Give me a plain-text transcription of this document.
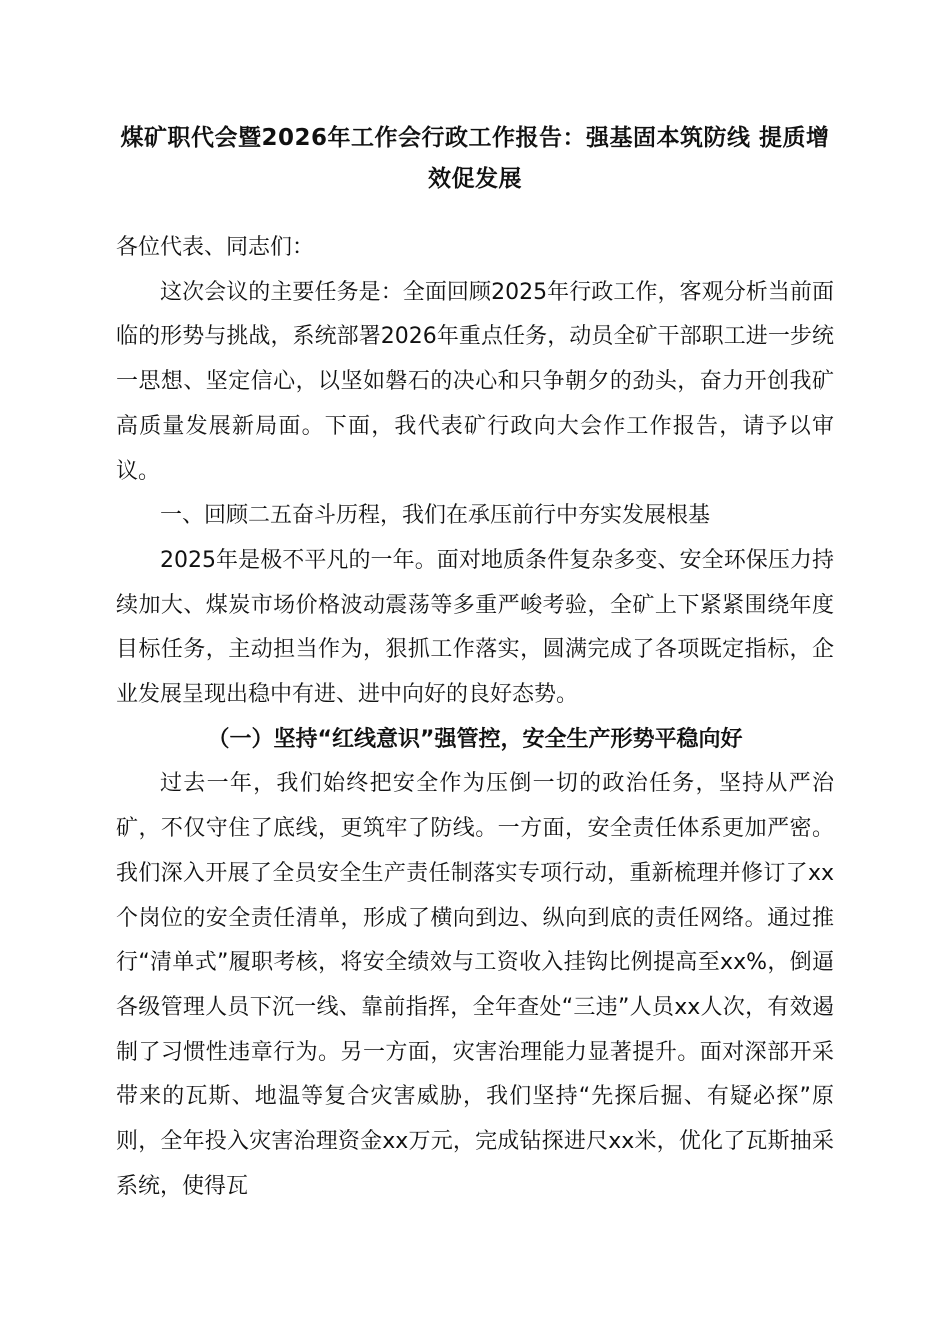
煤矿职代会暨2026年工作会行政工作报告：强基固本筑防线 提质增效促发展

各位代表、同志们：

这次会议的主要任务是：全面回顾2025年行政工作，客观分析当前面临的形势与挑战，系统部署2026年重点任务，动员全矿干部职工进一步统一思想、坚定信心，以坚如磐石的决心和只争朝夕的劲头，奋力开创我矿高质量发展新局面。下面，我代表矿行政向大会作工作报告，请予以审议。

一、回顾二五奋斗历程，我们在承压前行中夯实发展根基

2025年是极不平凡的一年。面对地质条件复杂多变、安全环保压力持续加大、煤炭市场价格波动震荡等多重严峻考验，全矿上下紧紧围绕年度目标任务，主动担当作为，狠抓工作落实，圆满完成了各项既定指标，企业发展呈现出稳中有进、进中向好的良好态势。

（一）坚持“红线意识”强管控，安全生产形势平稳向好

过去一年，我们始终把安全作为压倒一切的政治任务，坚持从严治矿，不仅守住了底线，更筑牢了防线。一方面，安全责任体系更加严密。我们深入开展了全员安全生产责任制落实专项行动，重新梳理并修订了xx个岗位的安全责任清单，形成了横向到边、纵向到底的责任网络。通过推行“清单式”履职考核，将安全绩效与工资收入挂钩比例提高至xx%，倒逼各级管理人员下沉一线、靠前指挥，全年查处“三违”人员xx人次，有效遏制了习惯性违章行为。另一方面，灾害治理能力显著提升。面对深部开采带来的瓦斯、地温等复合灾害威胁，我们坚持“先探后掘、有疑必探”原则，全年投入灾害治理资金xx万元，完成钻探进尺xx米，优化了瓦斯抽采系统，使得瓦
